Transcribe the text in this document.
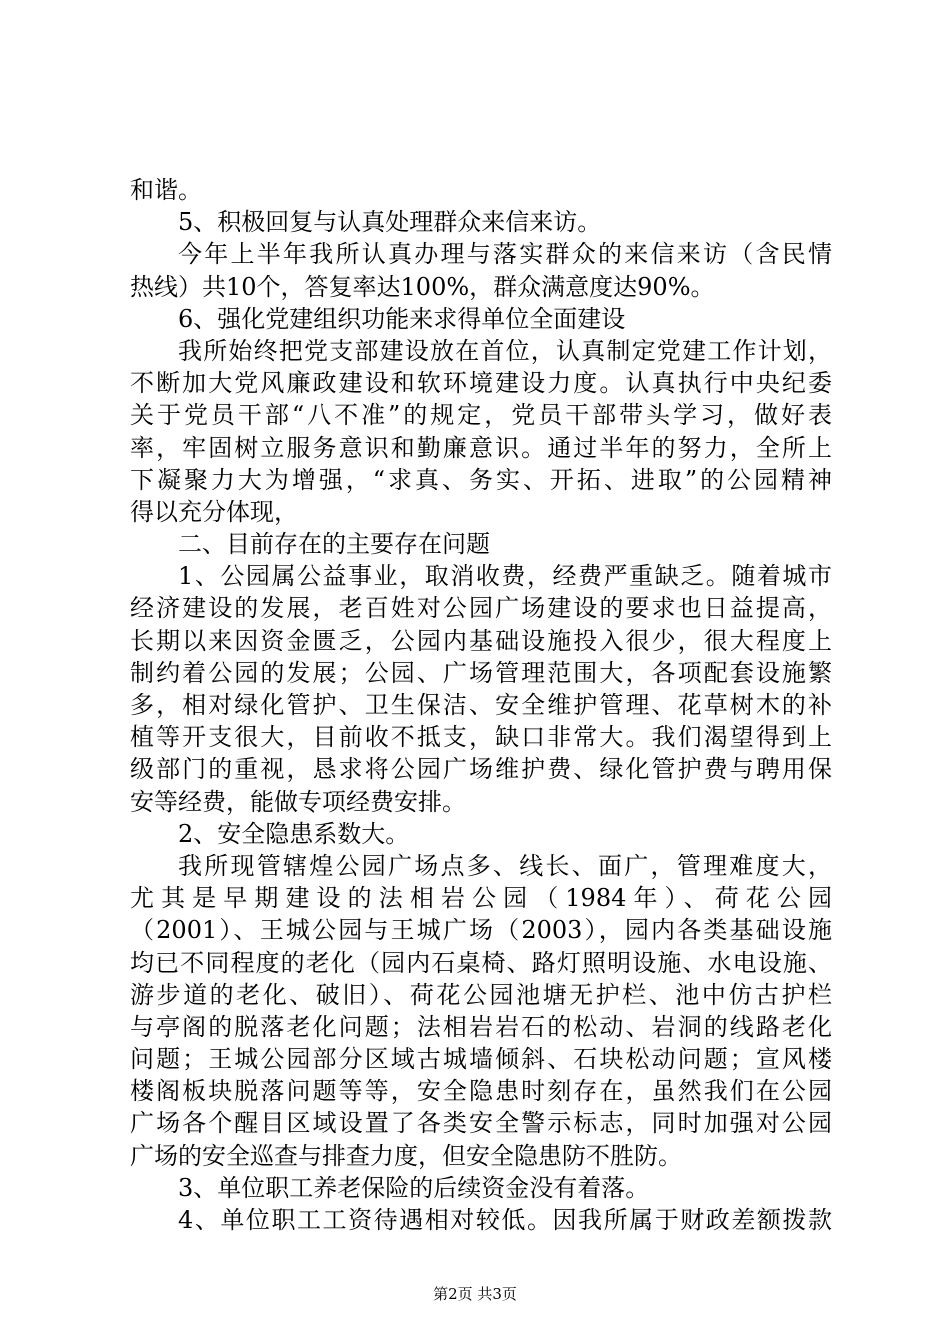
和谐。
5、积极回复与认真处理群众来信来访。
今年上半年我所认真办理与落实群众的来信来访（含民情
热线）共10个，答复率达100%，群众满意度达90%。
6、强化党建组织功能来求得单位全面建设
我所始终把党支部建设放在首位，认真制定党建工作计划，
不断加大党风廉政建设和软环境建设力度。认真执行中央纪委
关于党员干部“八不准”的规定，党员干部带头学习，做好表
率，牢固树立服务意识和勤廉意识。通过半年的努力，全所上
下凝聚力大为增强，“求真、务实、开拓、进取”的公园精神
得以充分体现，
二、目前存在的主要存在问题
1、公园属公益事业，取消收费，经费严重缺乏。随着城市
经济建设的发展，老百姓对公园广场建设的要求也日益提高，
长期以来因资金匮乏，公园内基础设施投入很少，很大程度上
制约着公园的发展；公园、广场管理范围大，各项配套设施繁
多，相对绿化管护、卫生保洁、安全维护管理、花草树木的补
植等开支很大，目前收不抵支，缺口非常大。我们渴望得到上
级部门的重视，恳求将公园广场维护费、绿化管护费与聘用保
安等经费，能做专项经费安排。
2、安全隐患系数大。
我所现管辖煌公园广场点多、线长、面广，管理难度大，
尤其是早期建设的法相岩公园（1984年）、荷花公园
（2001）、王城公园与王城广场（2003），园内各类基础设施
均已不同程度的老化（园内石桌椅、路灯照明设施、水电设施、
游步道的老化、破旧）、荷花公园池塘无护栏、池中仿古护栏
与亭阁的脱落老化问题；法相岩岩石的松动、岩洞的线路老化
问题；王城公园部分区域古城墙倾斜、石块松动问题；宣风楼
楼阁板块脱落问题等等，安全隐患时刻存在，虽然我们在公园
广场各个醒目区域设置了各类安全警示标志，同时加强对公园
广场的安全巡查与排查力度，但安全隐患防不胜防。
3、单位职工养老保险的后续资金没有着落。
4、单位职工工资待遇相对较低。因我所属于财政差额拨款
第2页 共3页
